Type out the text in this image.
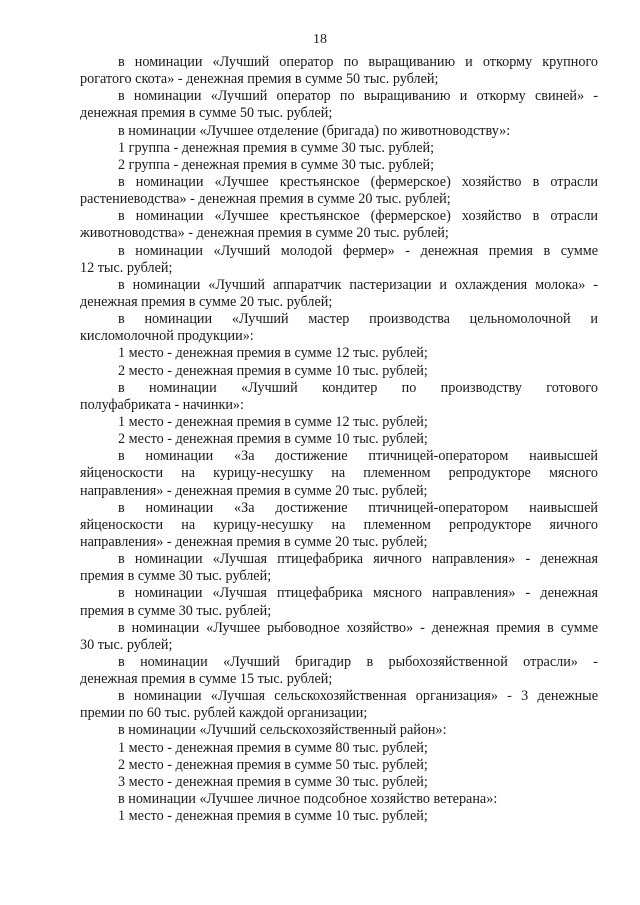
18
в номинации «Лучший оператор по выращиванию и откорму крупного
рогатого скота» - денежная премия в сумме 50 тыс. рублей;
в номинации «Лучший оператор по выращиванию и откорму свиней» -
денежная премия в сумме 50 тыс. рублей;
в номинации «Лучшее отделение (бригада) по животноводству»:
1 группа - денежная премия в сумме 30 тыс. рублей;
2 группа - денежная премия в сумме 30 тыс. рублей;
в номинации «Лучшее крестьянское (фермерское) хозяйство в отрасли
растениеводства» - денежная премия в сумме 20 тыс. рублей;
в номинации «Лучшее крестьянское (фермерское) хозяйство в отрасли
животноводства» - денежная премия в сумме 20 тыс. рублей;
в номинации «Лучший молодой фермер» - денежная премия в сумме
12 тыс. рублей;
в номинации «Лучший аппаратчик пастеризации и охлаждения молока» -
денежная премия в сумме 20 тыс. рублей;
в номинации «Лучший мастер производства цельномолочной и
кисломолочной продукции»:
1 место - денежная премия в сумме 12 тыс. рублей;
2 место - денежная премия в сумме 10 тыс. рублей;
в номинации «Лучший кондитер по производству готового
полуфабриката - начинки»:
1 место - денежная премия в сумме 12 тыс. рублей;
2 место - денежная премия в сумме 10 тыс. рублей;
в номинации «За достижение птичницей-оператором наивысшей
яйценоскости на курицу-несушку на племенном репродукторе мясного
направления» - денежная премия в сумме 20 тыс. рублей;
в номинации «За достижение птичницей-оператором наивысшей
яйценоскости на курицу-несушку на племенном репродукторе яичного
направления» - денежная премия в сумме 20 тыс. рублей;
в номинации «Лучшая птицефабрика яичного направления» - денежная
премия в сумме 30 тыс. рублей;
в номинации «Лучшая птицефабрика мясного направления» - денежная
премия в сумме 30 тыс. рублей;
в номинации «Лучшее рыбоводное хозяйство» - денежная премия в сумме
30 тыс. рублей;
в номинации «Лучший бригадир в рыбохозяйственной отрасли» -
денежная премия в сумме 15 тыс. рублей;
в номинации «Лучшая сельскохозяйственная организация» - 3 денежные
премии по 60 тыс. рублей каждой организации;
в номинации «Лучший сельскохозяйственный район»:
1 место - денежная премия в сумме 80 тыс. рублей;
2 место - денежная премия в сумме 50 тыс. рублей;
3 место - денежная премия в сумме 30 тыс. рублей;
в номинации «Лучшее личное подсобное хозяйство ветерана»:
1 место - денежная премия в сумме 10 тыс. рублей;
